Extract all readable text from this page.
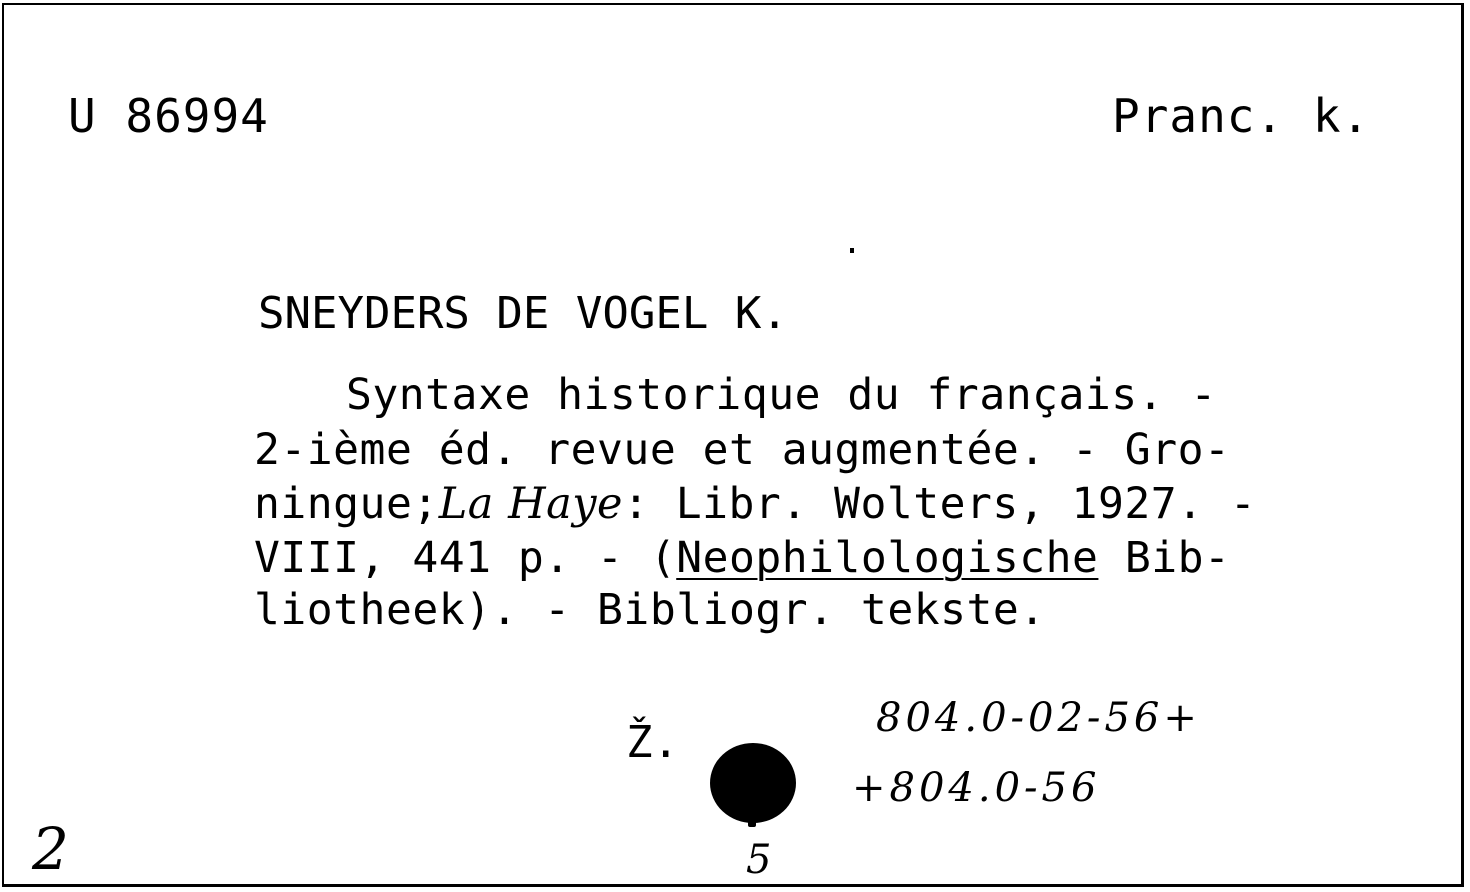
U 86994	Pranc. k.
SNEYDERS DE VOGEL K.
Syntaxe historique du français. -
2-ième éd. revue et augmentée. - Gro-
ningue;La Haye: Libr. Wolters, 1927. -
VIII, 441 p. - (Neophilologische Bib-
liotheek). - Bibliogr. tekste.
Ž.	804.0-02-56+
+804.0-56
5
2
